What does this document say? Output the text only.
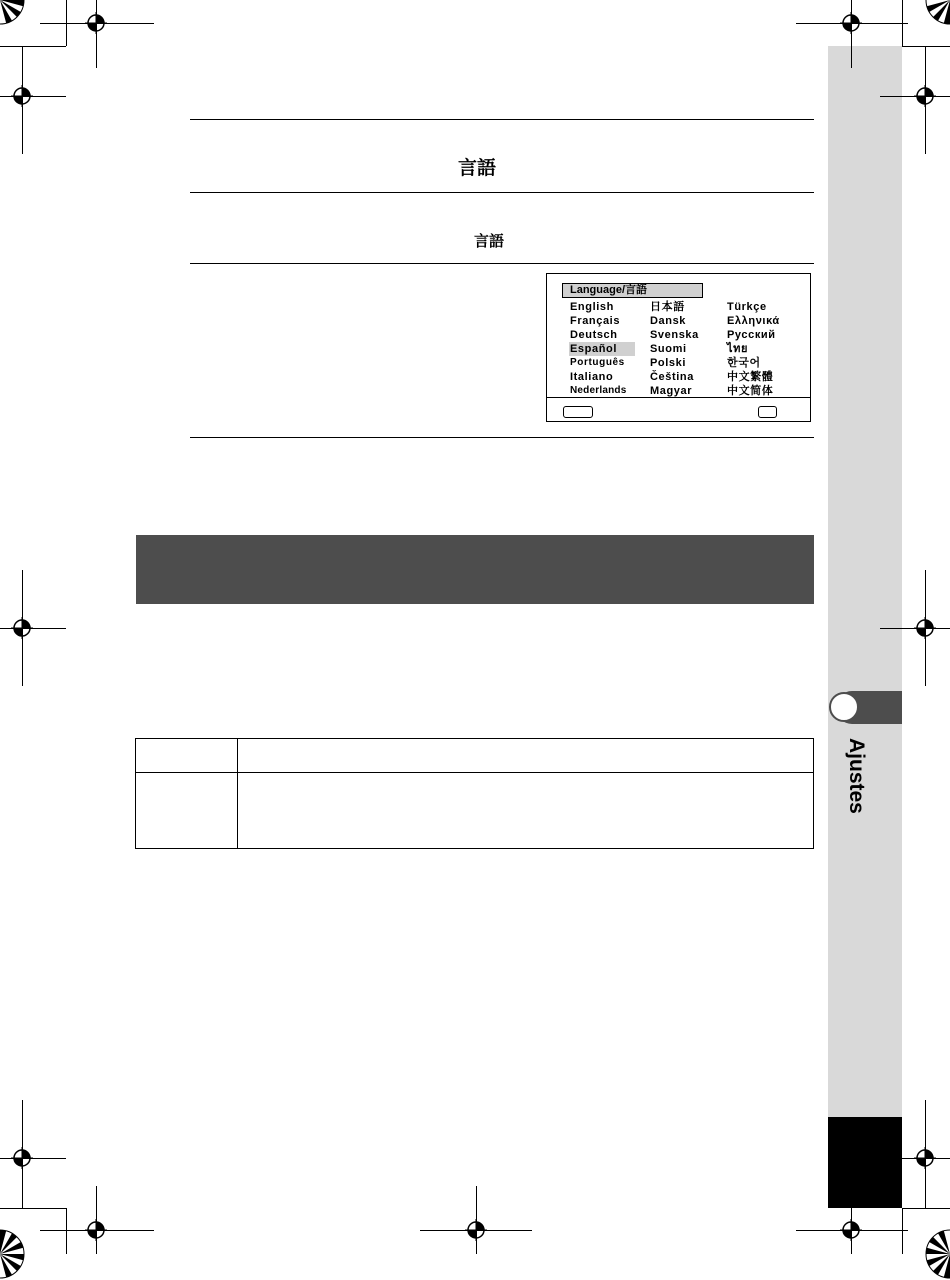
Ajustes
言語
言語
Language/言語
English
Français
Deutsch
Español
Português
Italiano
Nederlands
日本語
Dansk
Svenska
Suomi
Polski
Čeština
Magyar
Türkçe
Ελληνικά
Русский
ไทย
한국어
中文繁體
中文简体
